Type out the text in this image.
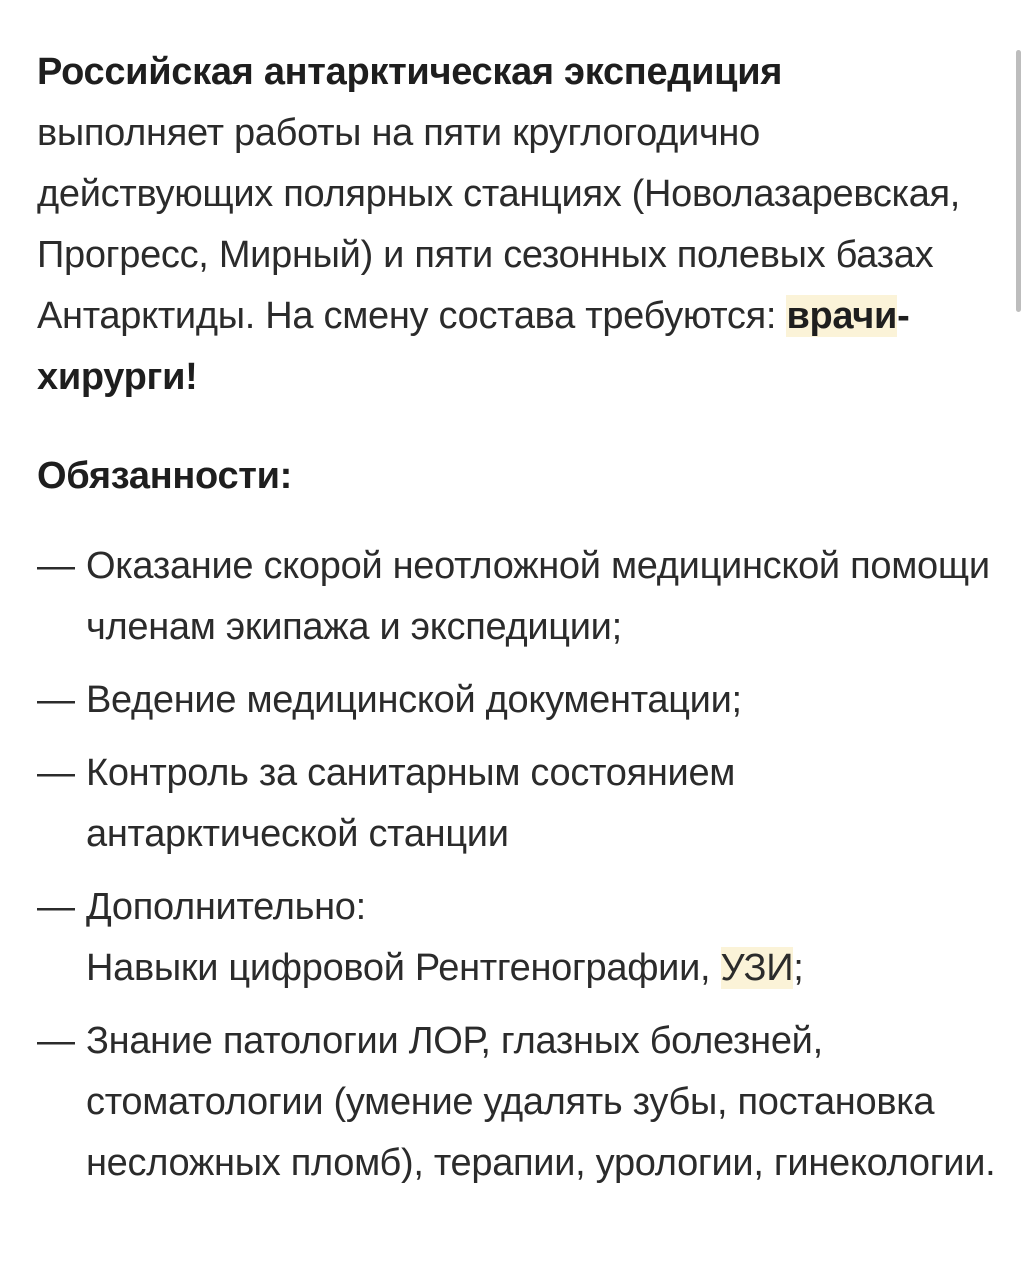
Российская антарктическая экспедиция
выполняет работы на пяти круглогодично действующих полярных станциях (Новолазаревская, Прогресс, Мирный) и пяти сезонных полевых базах Антарктиды. На смену состава требуются: врачи-хирурги!

Обязанности:
— Оказание скорой неотложной медицинской помощи членам экипажа и экспедиции;
— Ведение медицинской документации;
— Контроль за санитарным состоянием
антарктической станции
— Дополнительно:
Навыки цифровой Рентгенографии, УЗИ;
— Знание патологии ЛОР, глазных болезней, стоматологии (умение удалять зубы, постановка несложных пломб), терапии, урологии, гинекологии.
